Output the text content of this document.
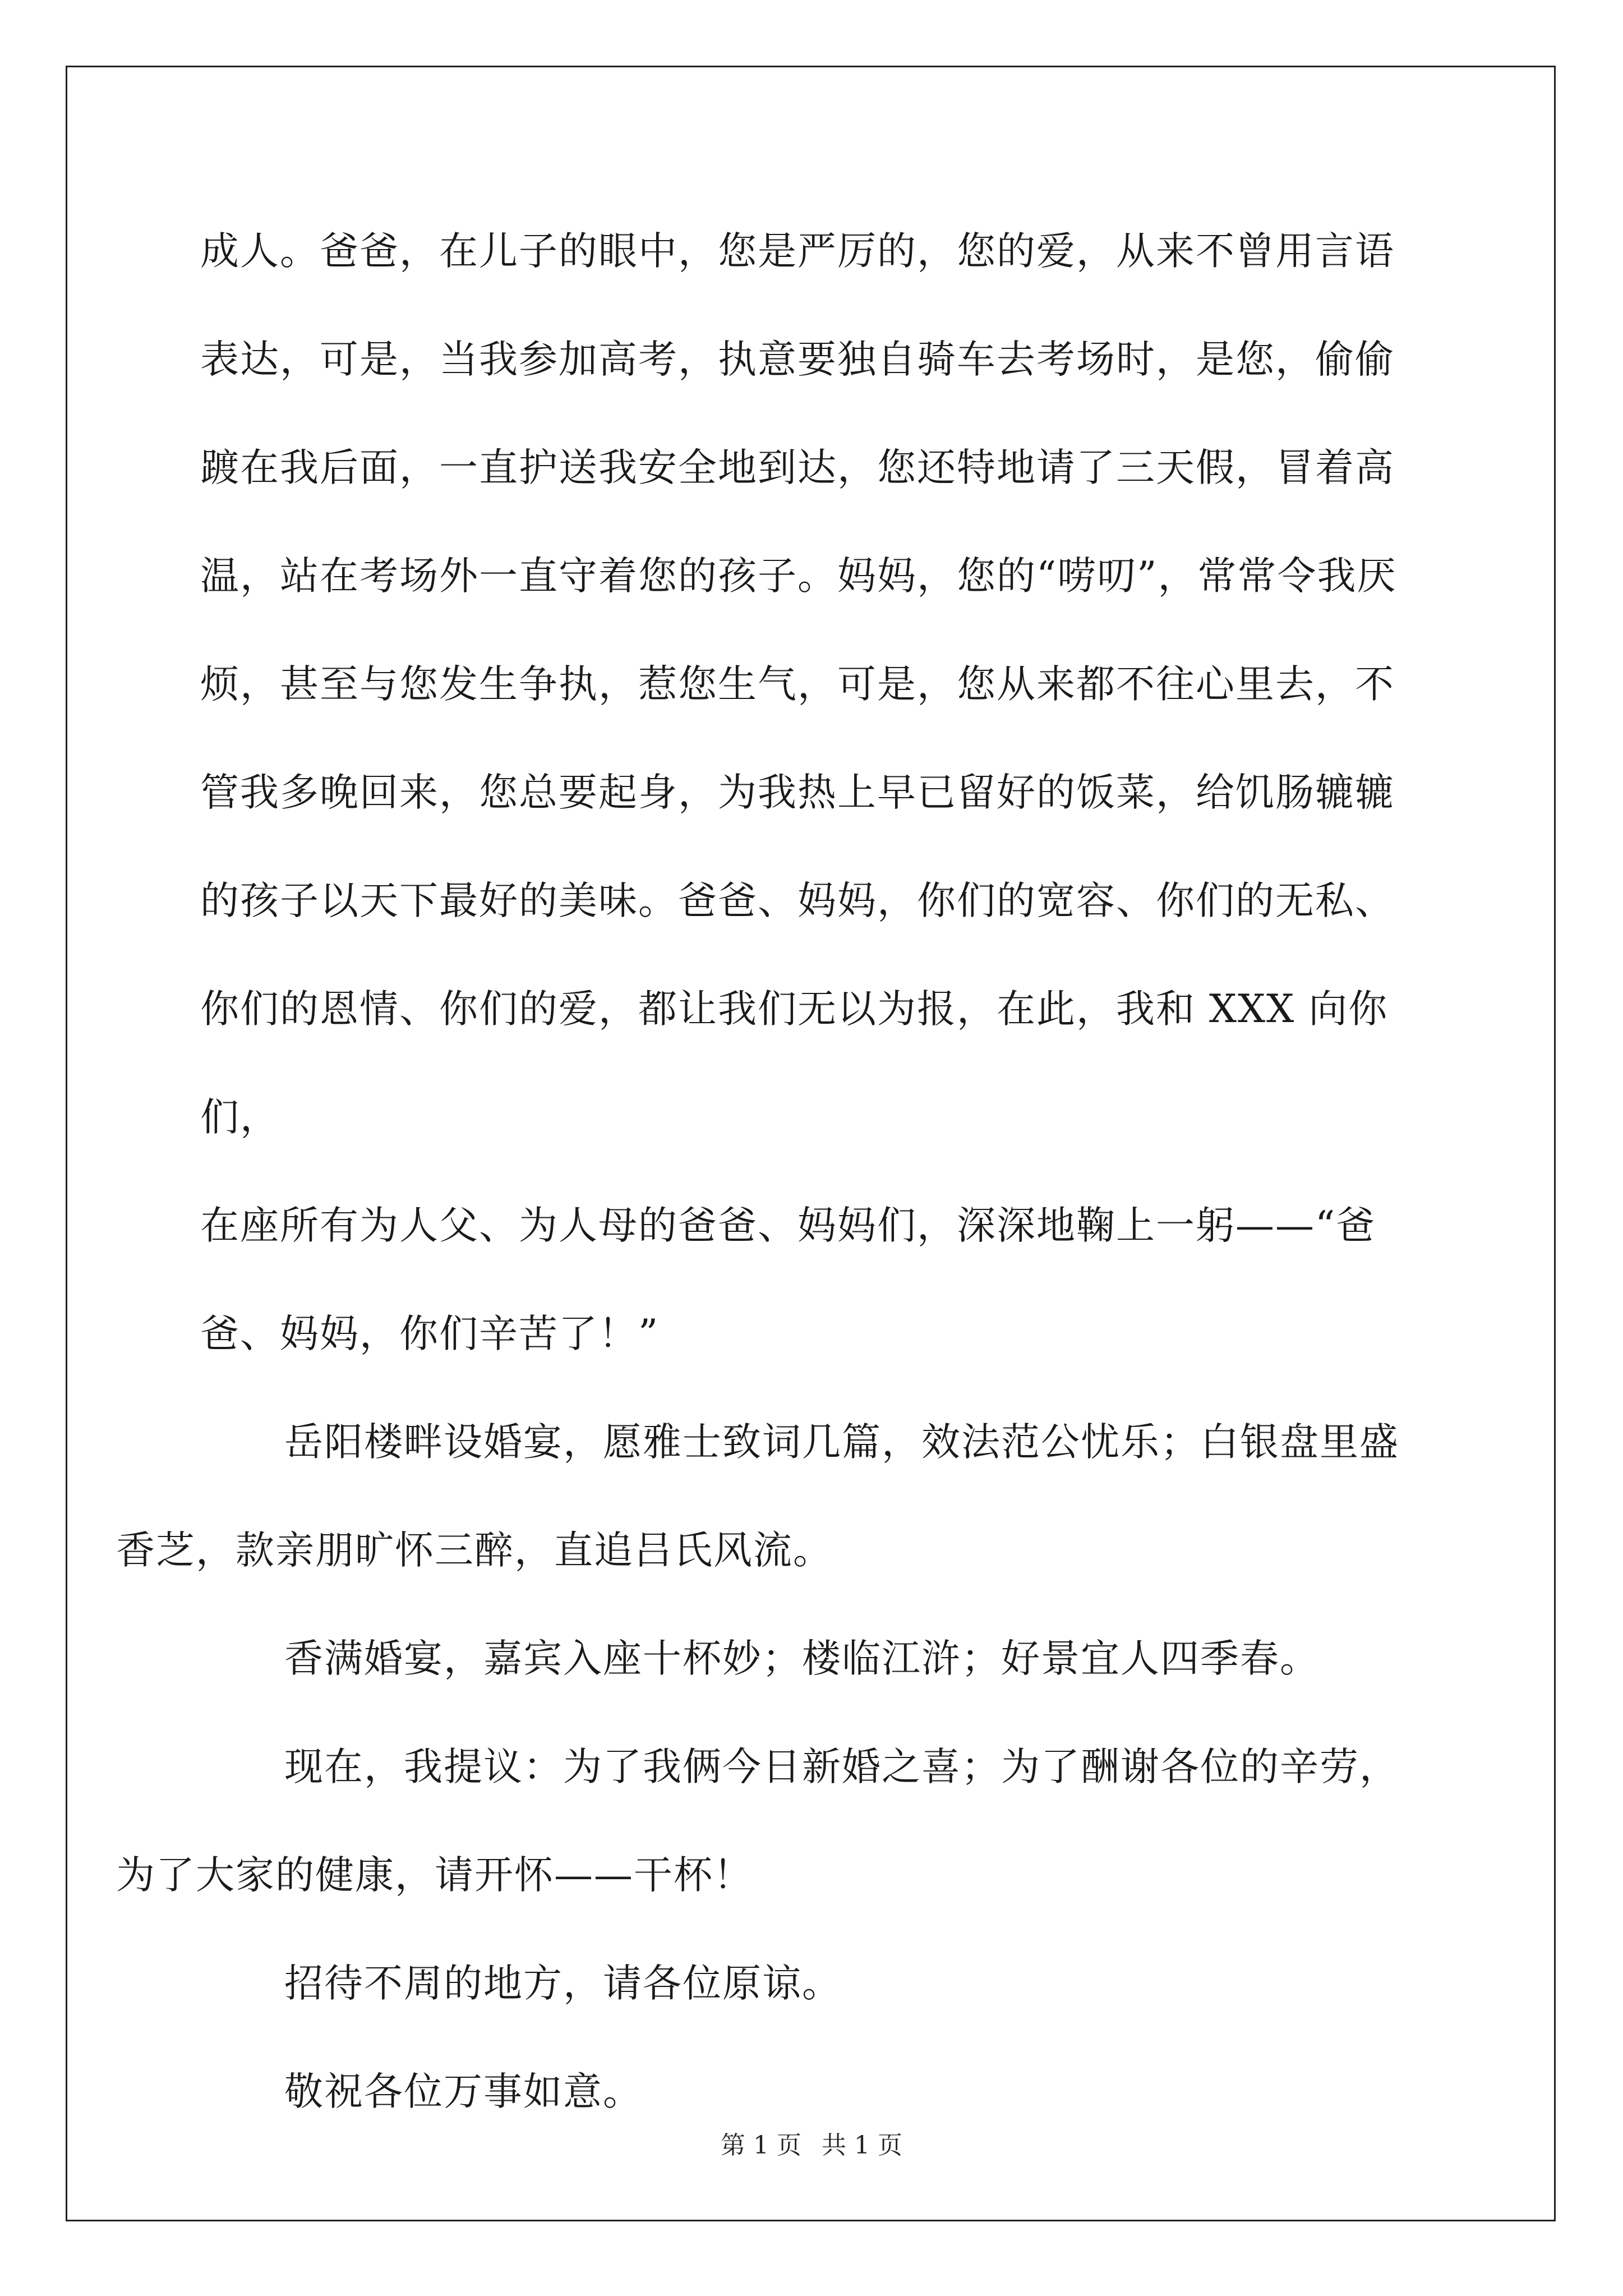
成人。爸爸，在儿子的眼中，您是严厉的，您的爱，从来不曾用言语
表达，可是，当我参加高考，执意要独自骑车去考场时，是您，偷偷
踱在我后面，一直护送我安全地到达，您还特地请了三天假，冒着高
温，站在考场外一直守着您的孩子。妈妈，您的“唠叨”，常常令我厌
烦，甚至与您发生争执，惹您生气，可是，您从来都不往心里去，不
管我多晚回来，您总要起身，为我热上早已留好的饭菜，给饥肠辘辘
的孩子以天下最好的美味。爸爸、妈妈，你们的宽容、你们的无私、
你们的恩情、你们的爱，都让我们无以为报，在此，我和 XXX 向你们，
在座所有为人父、为人母的爸爸、妈妈们，深深地鞠上一躬——“爸
爸、妈妈，你们辛苦了！”

岳阳楼畔设婚宴，愿雅士致词几篇，效法范公忧乐；白银盘里盛
香芝，款亲朋旷怀三醉，直追吕氏风流。

香满婚宴，嘉宾入座十杯妙；楼临江浒；好景宜人四季春。

现在，我提议：为了我俩今日新婚之喜；为了酬谢各位的辛劳，
为了大家的健康，请开怀——干杯！

招待不周的地方，请各位原谅。

敬祝各位万事如意。

第 1 页 共 1 页
